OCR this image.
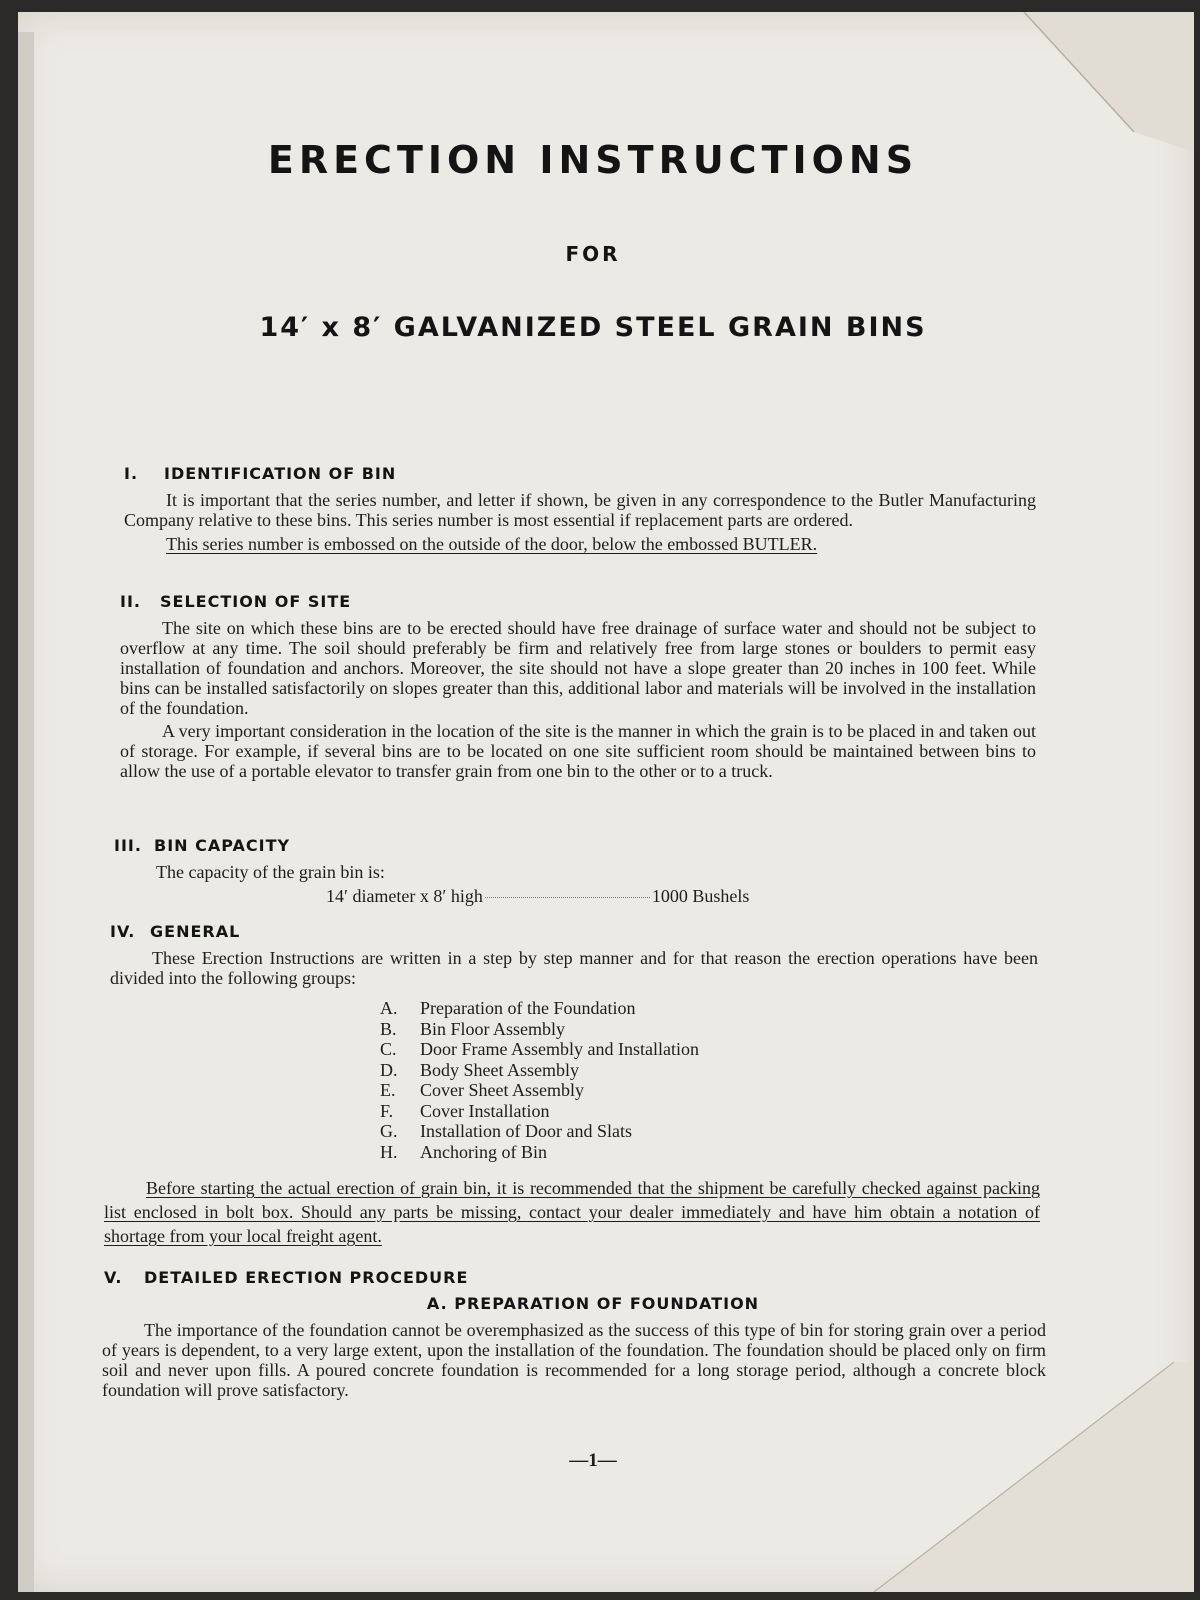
ERECTION INSTRUCTIONS
FOR
14′ x 8′ GALVANIZED STEEL GRAIN BINS
I. IDENTIFICATION OF BIN

It is important that the series number, and letter if shown, be given in any correspondence to the Butler Manufacturing Company relative to these bins. This series number is most essential if replacement parts are ordered.

This series number is embossed on the outside of the door, below the embossed BUTLER.

II. SELECTION OF SITE

The site on which these bins are to be erected should have free drainage of surface water and should not be subject to overflow at any time. The soil should preferably be firm and relatively free from large stones or boulders to permit easy installation of foundation and anchors. Moreover, the site should not have a slope greater than 20 inches in 100 feet. While bins can be installed satisfactorily on slopes greater than this, additional labor and materials will be involved in the installation of the foundation.

A very important consideration in the location of the site is the manner in which the grain is to be placed in and taken out of storage. For example, if several bins are to be located on one site sufficient room should be maintained between bins to allow the use of a portable elevator to transfer grain from one bin to the other or to a truck.

III. BIN CAPACITY
The capacity of the grain bin is:
14′ diameter x 8′ high	1000 Bushels
IV. GENERAL

These Erection Instructions are written in a step by step manner and for that reason the erection operations have been divided into the following groups:

A. Preparation of the Foundation
B. Bin Floor Assembly
C. Door Frame Assembly and Installation
D. Body Sheet Assembly
E. Cover Sheet Assembly
F. Cover Installation
G. Installation of Door and Slats
H. Anchoring of Bin

Before starting the actual erection of grain bin, it is recommended that the shipment be carefully checked against packing list enclosed in bolt box. Should any parts be missing, contact your dealer immediately and have him obtain a notation of shortage from your local freight agent.

V. DETAILED ERECTION PROCEDURE
A. PREPARATION OF FOUNDATION

The importance of the foundation cannot be overemphasized as the success of this type of bin for storing grain over a period of years is dependent, to a very large extent, upon the installation of the foundation. The foundation should be placed only on firm soil and never upon fills. A poured concrete foundation is recommended for a long storage period, although a concrete block foundation will prove satisfactory.

—1—
